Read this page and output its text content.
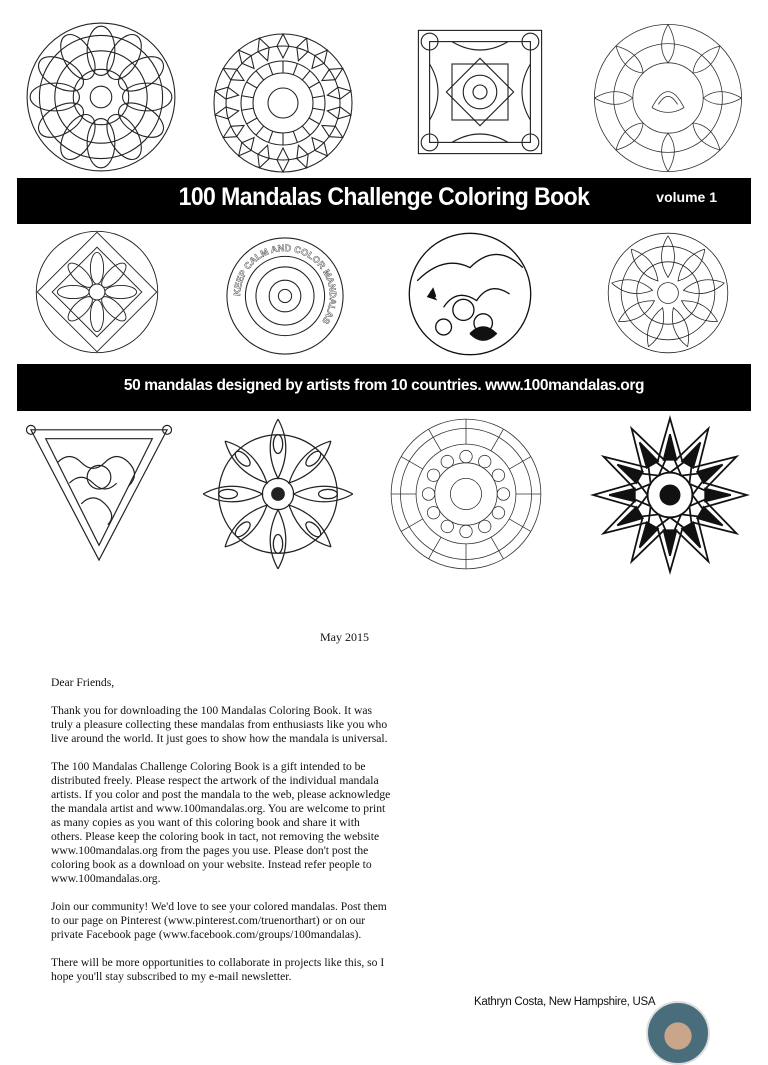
100 Mandalas Challenge Coloring Book	volume 1
KEEP CALM AND COLOR MANDALAS
50 mandalas designed by artists from 10 countries. www.100mandalas.org
May 2015

Dear Friends,

Thank you for downloading the 100 Mandalas Coloring Book. It was truly a pleasure collecting these mandalas from enthusiasts like you who live around the world. It just goes to show how the mandala is universal.

The 100 Mandalas Challenge Coloring Book is a gift intended to be distributed freely. Please respect the artwork of the individual mandala artists. If you color and post the mandala to the web, please acknowledge the mandala artist and www.100mandalas.org. You are welcome to print as many copies as you want of this coloring book and share it with others. Please keep the coloring book in tact, not removing the website www.100mandalas.org from the pages you use. Please don't post the coloring book as a download on your website. Instead refer people to www.100mandalas.org.

Join our community! We'd love to see your colored mandalas. Post them to our page on Pinterest (www.pinterest.com/truenorthart) or on our private Facebook page (www.facebook.com/groups/100mandalas).

There will be more opportunities to collaborate in projects like this, so I hope you'll stay subscribed to my e-mail newsletter.

Kathryn Costa, New Hampshire, USA
